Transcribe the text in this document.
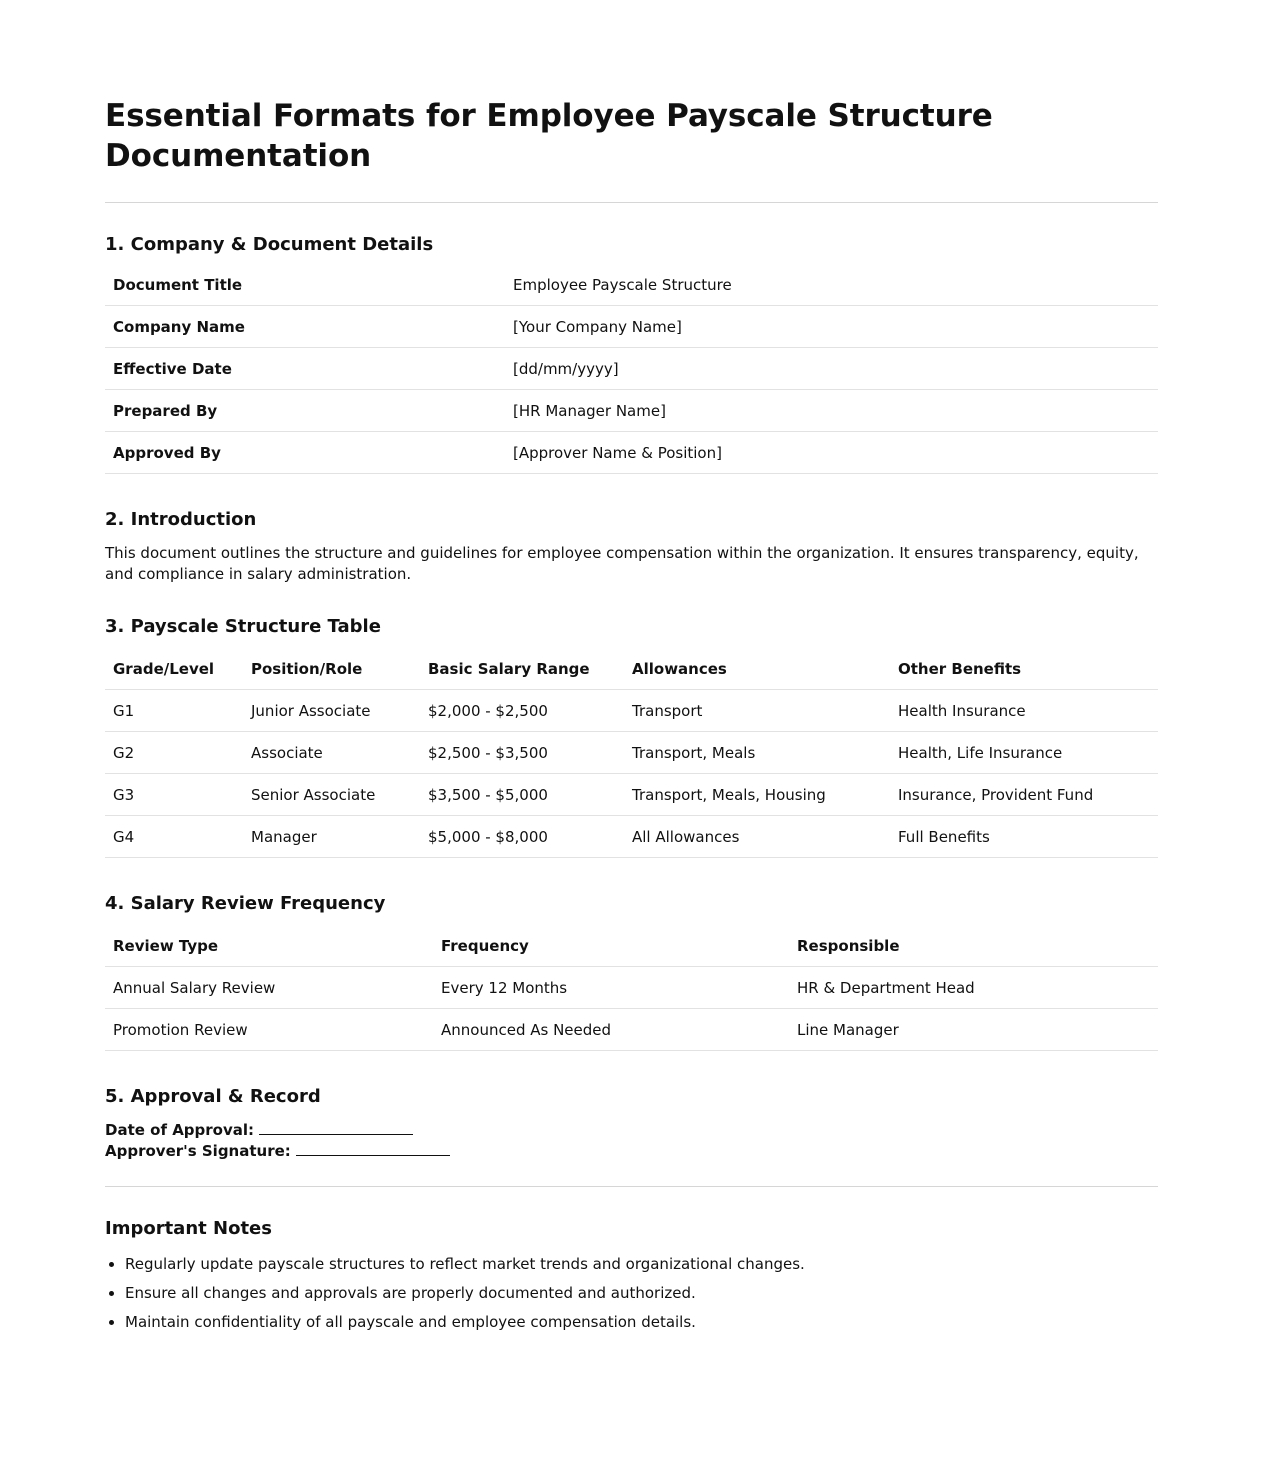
Essential Formats for Employee Payscale Structure Documentation
1. Company & Document Details
Document Title	Employee Payscale Structure
Company Name	[Your Company Name]
Effective Date	[dd/mm/yyyy]
Prepared By	[HR Manager Name]
Approved By	[Approver Name & Position]
2. Introduction

This document outlines the structure and guidelines for employee compensation within the organization. It ensures transparency, equity, and compliance in salary administration.

3. Payscale Structure Table
Grade/Level	Position/Role	Basic Salary Range	Allowances	Other Benefits
G1	Junior Associate	$2,000 - $2,500	Transport	Health Insurance
G2	Associate	$2,500 - $3,500	Transport, Meals	Health, Life Insurance
G3	Senior Associate	$3,500 - $5,000	Transport, Meals, Housing	Insurance, Provident Fund
G4	Manager	$5,000 - $8,000	All Allowances	Full Benefits
4. Salary Review Frequency
Review Type	Frequency	Responsible
Annual Salary Review	Every 12 Months	HR & Department Head
Promotion Review	Announced As Needed	Line Manager
5. Approval & Record
Date of Approval:
Approver's Signature:
Important Notes
• Regularly update payscale structures to reflect market trends and organizational changes.
• Ensure all changes and approvals are properly documented and authorized.
• Maintain confidentiality of all payscale and employee compensation details.
